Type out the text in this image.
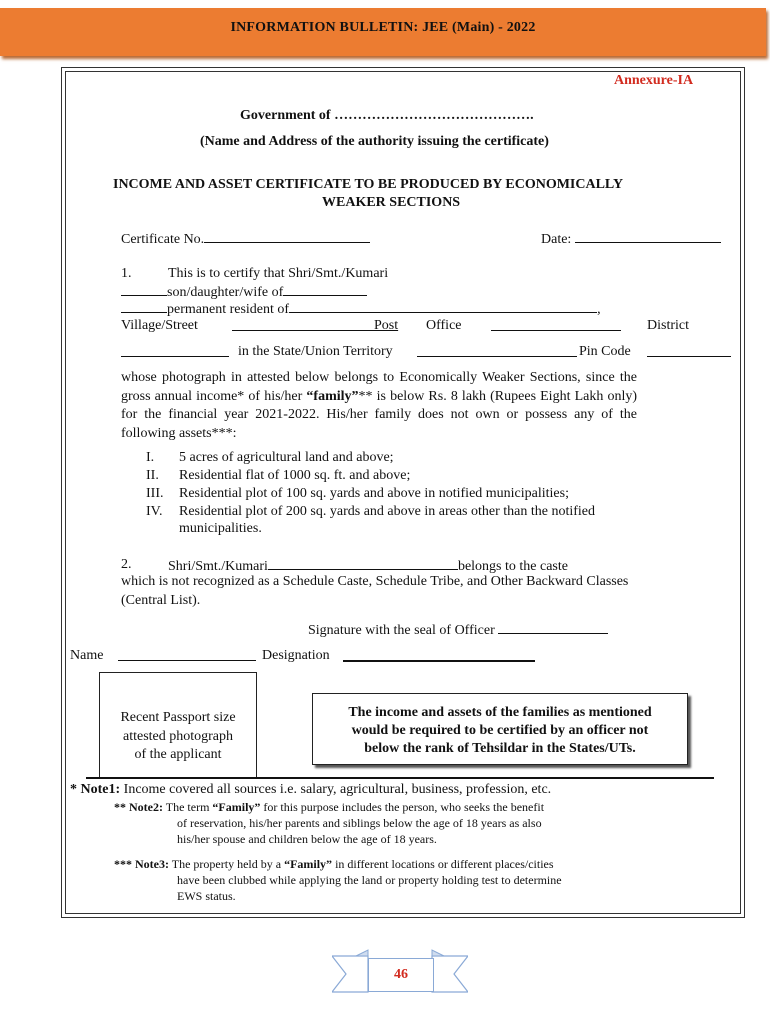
INFORMATION BULLETIN: JEE (Main) - 2022
Annexure-IA
Government of …………………………………….
(Name and Address of the authority issuing the certificate)
INCOME AND ASSET CERTIFICATE TO BE PRODUCED BY ECONOMICALLY
WEAKER SECTIONS
Certificate No.	Date:
1.	This is to certify that Shri/Smt./Kumari
son/daughter/wife of
permanent resident of	,
Village/Street	Post Office	District
in the State/Union Territory	Pin Code
whose photograph in attested below belongs to Economically Weaker Sections, since the gross annual income* of his/her “family”** is below Rs. 8 lakh (Rupees Eight Lakh only) for the financial year 2021-2022. His/her family does not own or possess any of the following assets***:
I. 5 acres of agricultural land and above;
II. Residential flat of 1000 sq. ft. and above;
III. Residential plot of 100 sq. yards and above in notified municipalities;
IV. Residential plot of 200 sq. yards and above in areas other than the notified
municipalities.
2.	Shri/Smt./Kumari	belongs to the caste
which is not recognized as a Schedule Caste, Schedule Tribe, and Other Backward Classes (Central List).
Signature with the seal of Officer
Name	Designation
Recent Passport size
attested photograph
of the applicant
The income and assets of the families as mentioned
would be required to be certified by an officer not
below the rank of Tehsildar in the States/UTs.
* Note1: Income covered all sources i.e. salary, agricultural, business, profession, etc.
** Note2: The term “Family” for this purpose includes the person, who seeks the benefit
of reservation, his/her parents and siblings below the age of 18 years as also
his/her spouse and children below the age of 18 years.
*** Note3: The property held by a “Family” in different locations or different places/cities
have been clubbed while applying the land or property holding test to determine
EWS status.
46
